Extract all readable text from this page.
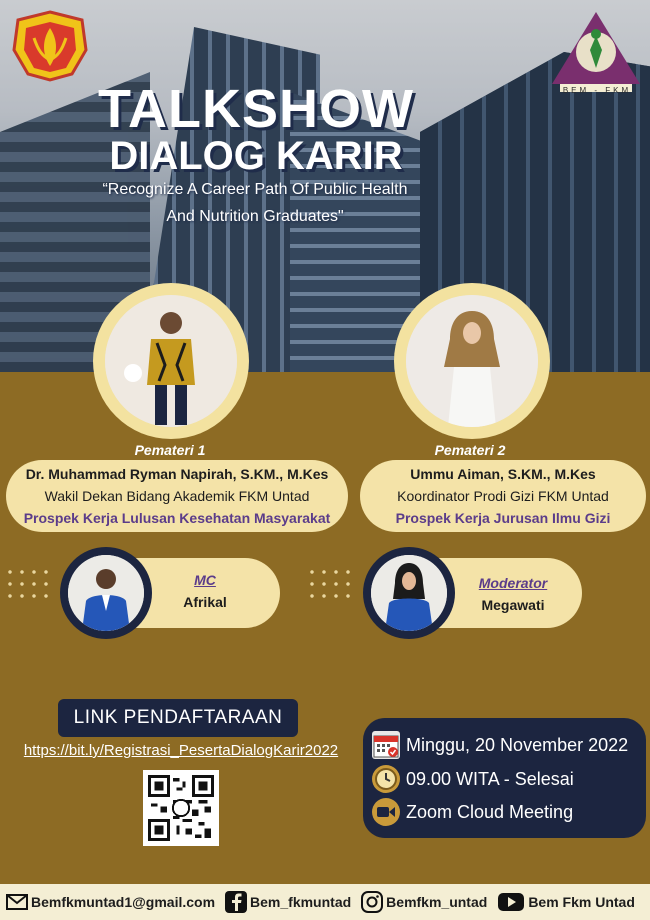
BEM - FKM
TALKSHOW
DIALOG KARIR
“Recognize A Career Path Of Public Health
And Nutrition Graduates"
Pemateri 1	Pemateri 2
Dr. Muhammad Ryman Napirah, S.KM., M.Kes
Wakil Dekan Bidang Akademik FKM Untad
Prospek Kerja Lulusan Kesehatan Masyarakat
Ummu Aiman, S.KM., M.Kes
Koordinator Prodi Gizi FKM Untad
Prospek Kerja Jurusan Ilmu Gizi
MC
Afrikal
Moderator
Megawati
LINK PENDAFTARAAN
https://bit.ly/Registrasi_PesertaDialogKarir2022	Minggu, 20 November 2022
09.00 WITA - Selesai
Zoom Cloud Meeting
Bemfkmuntad1@gmail.com	Bem_fkmuntad	Bemfkm_untad	Bem Fkm Untad
